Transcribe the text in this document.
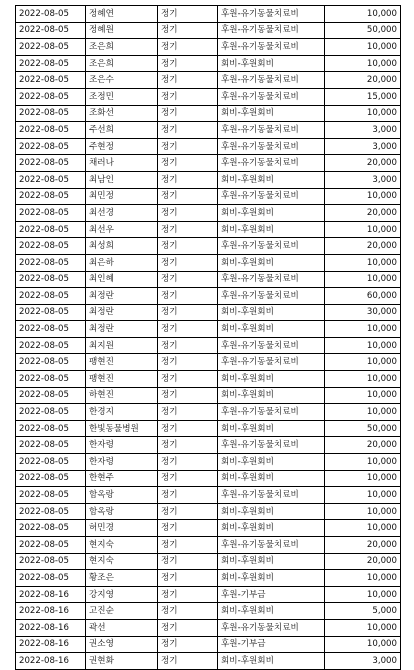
2022-08-05	정혜연	정기	후원-유기동물치료비	10,000
2022-08-05	정혜원	정기	후원-유기동물치료비	50,000
2022-08-05	조은희	정기	후원-유기동물치료비	10,000
2022-08-05	조은희	정기	회비-후원회비	10,000
2022-08-05	조은수	정기	후원-유기동물치료비	20,000
2022-08-05	조정민	정기	후원-유기동물치료비	15,000
2022-08-05	조화선	정기	회비-후원회비	10,000
2022-08-05	주선희	정기	후원-유기동물치료비	3,000
2022-08-05	주현정	정기	후원-유기동물치료비	3,000
2022-08-05	채러나	정기	후원-유기동물치료비	20,000
2022-08-05	최남인	정기	회비-후원회비	3,000
2022-08-05	최민정	정기	후원-유기동물치료비	10,000
2022-08-05	최선경	정기	회비-후원회비	20,000
2022-08-05	최선우	정기	회비-후원회비	10,000
2022-08-05	최성희	정기	후원-유기동물치료비	20,000
2022-08-05	최은하	정기	회비-후원회비	10,000
2022-08-05	최인혜	정기	후원-유기동물치료비	10,000
2022-08-05	최정란	정기	후원-유기동물치료비	60,000
2022-08-05	최정란	정기	회비-후원회비	30,000
2022-08-05	최정란	정기	회비-후원회비	10,000
2022-08-05	최지원	정기	후원-유기동물치료비	10,000
2022-08-05	팽현진	정기	후원-유기동물치료비	10,000
2022-08-05	팽현진	정기	회비-후원회비	10,000
2022-08-05	하현진	정기	회비-후원회비	10,000
2022-08-05	한경지	정기	후원-유기동물치료비	10,000
2022-08-05	한빛동물병원	정기	회비-후원회비	50,000
2022-08-05	한자령	정기	후원-유기동물치료비	20,000
2022-08-05	한자령	정기	회비-후원회비	10,000
2022-08-05	한현주	정기	회비-후원회비	10,000
2022-08-05	함옥랑	정기	후원-유기동물치료비	10,000
2022-08-05	함옥랑	정기	회비-후원회비	10,000
2022-08-05	허민경	정기	회비-후원회비	10,000
2022-08-05	현지숙	정기	후원-유기동물치료비	20,000
2022-08-05	현지숙	정기	회비-후원회비	20,000
2022-08-05	황조은	정기	회비-후원회비	10,000
2022-08-16	강지영	정기	후원-기부금	10,000
2022-08-16	고진순	정기	회비-후원회비	5,000
2022-08-16	곽선	정기	후원-유기동물치료비	10,000
2022-08-16	권소영	정기	후원-기부금	10,000
2022-08-16	권현화	정기	회비-후원회비	3,000
